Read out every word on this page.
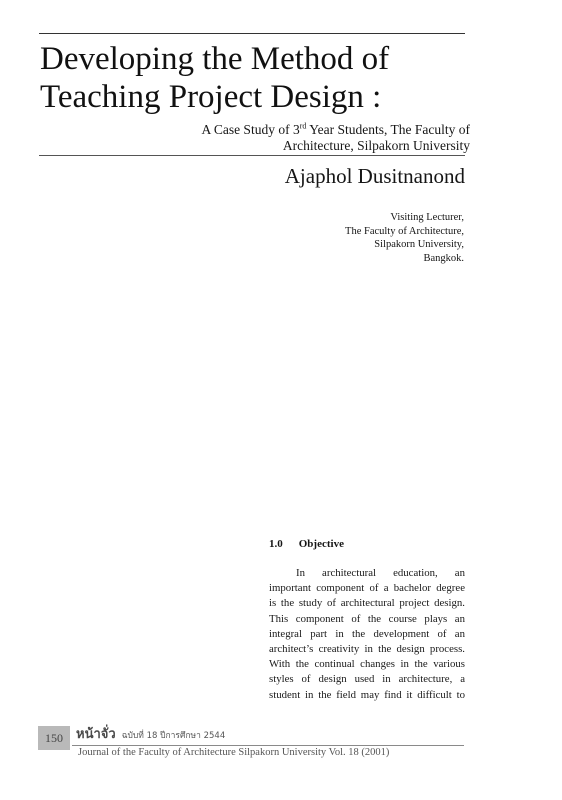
Developing the Method of
Teaching Project Design :
A Case Study of 3rd Year Students, The Faculty of
Architecture, Silpakorn University
Ajaphol Dusitnanond
Visiting Lecturer,
The Faculty of Architecture,
Silpakorn University,
Bangkok.
1.0 Objective
In architectural education, an
important component of a bachelor degree
is the study of architectural project design.
This component of the course plays an
integral part in the development of an
architect’s creativity in the design process.
With the continual changes in the various
styles of design used in architecture, a
student in the field may find it difficult to
150	หน้าจั่ว ฉบับที่ 18 ปีการศึกษา 2544
Journal of the Faculty of Architecture Silpakorn University Vol. 18 (2001)
